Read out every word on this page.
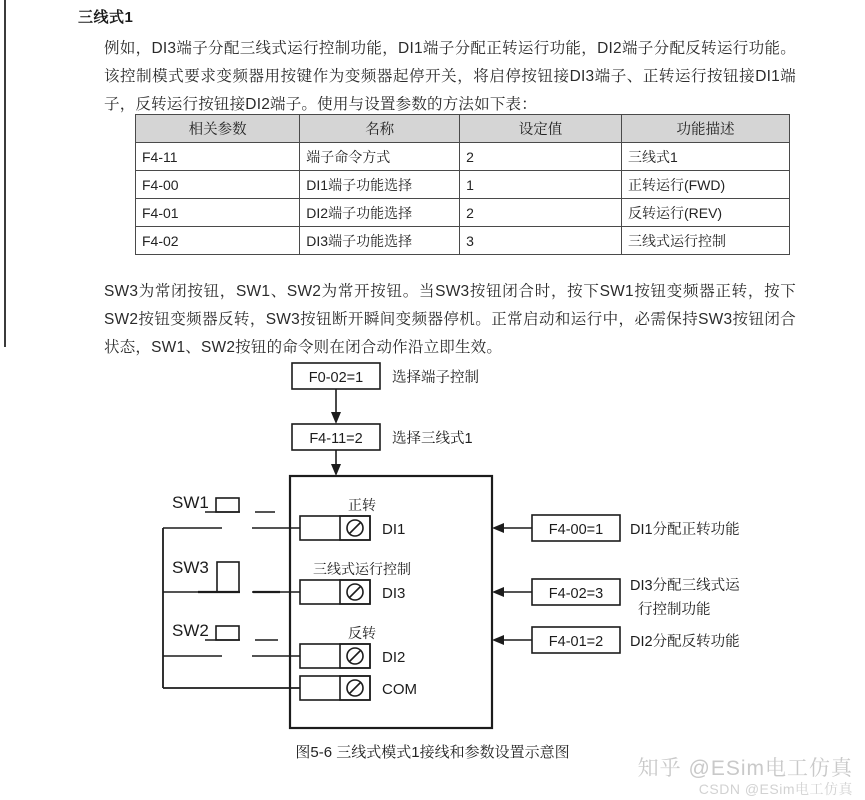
三线式1
例如，DI3端子分配三线式运行控制功能，DI1端子分配正转运行功能，DI2端子分配反转运行功能。该控制模式要求变频器用按键作为变频器起停开关，将启停按钮接DI3端子、正转运行按钮接DI1端子，反转运行按钮接DI2端子。使用与设置参数的方法如下表：
相关参数	名称	设定值	功能描述
F4-11	端子命令方式	2	三线式1
F4-00	DI1端子功能选择	1	正转运行(FWD)
F4-01	DI2端子功能选择	2	反转运行(REV)
F4-02	DI3端子功能选择	3	三线式运行控制
SW3为常闭按钮，SW1、SW2为常开按钮。当SW3按钮闭合时，按下SW1按钮变频器正转，按下SW2按钮变频器反转，SW3按钮断开瞬间变频器停机。正常启动和运行中，必需保持SW3按钮闭合状态，SW1、SW2按钮的命令则在闭合动作沿立即生效。
F0-02=1 选择端子控制
F4-11=2 选择三线式1
SW1
SW3
SW2
正转
三线式运行控制
反转
DI1
DI3
DI2
COM
F4-00=1
F4-02=3
F4-01=2
DI1分配正转功能
DI3分配三线式运
行控制功能
DI2分配反转功能
图5-6 三线式模式1接线和参数设置示意图
知乎 @ESim电工仿真
CSDN @ESim电工仿真
